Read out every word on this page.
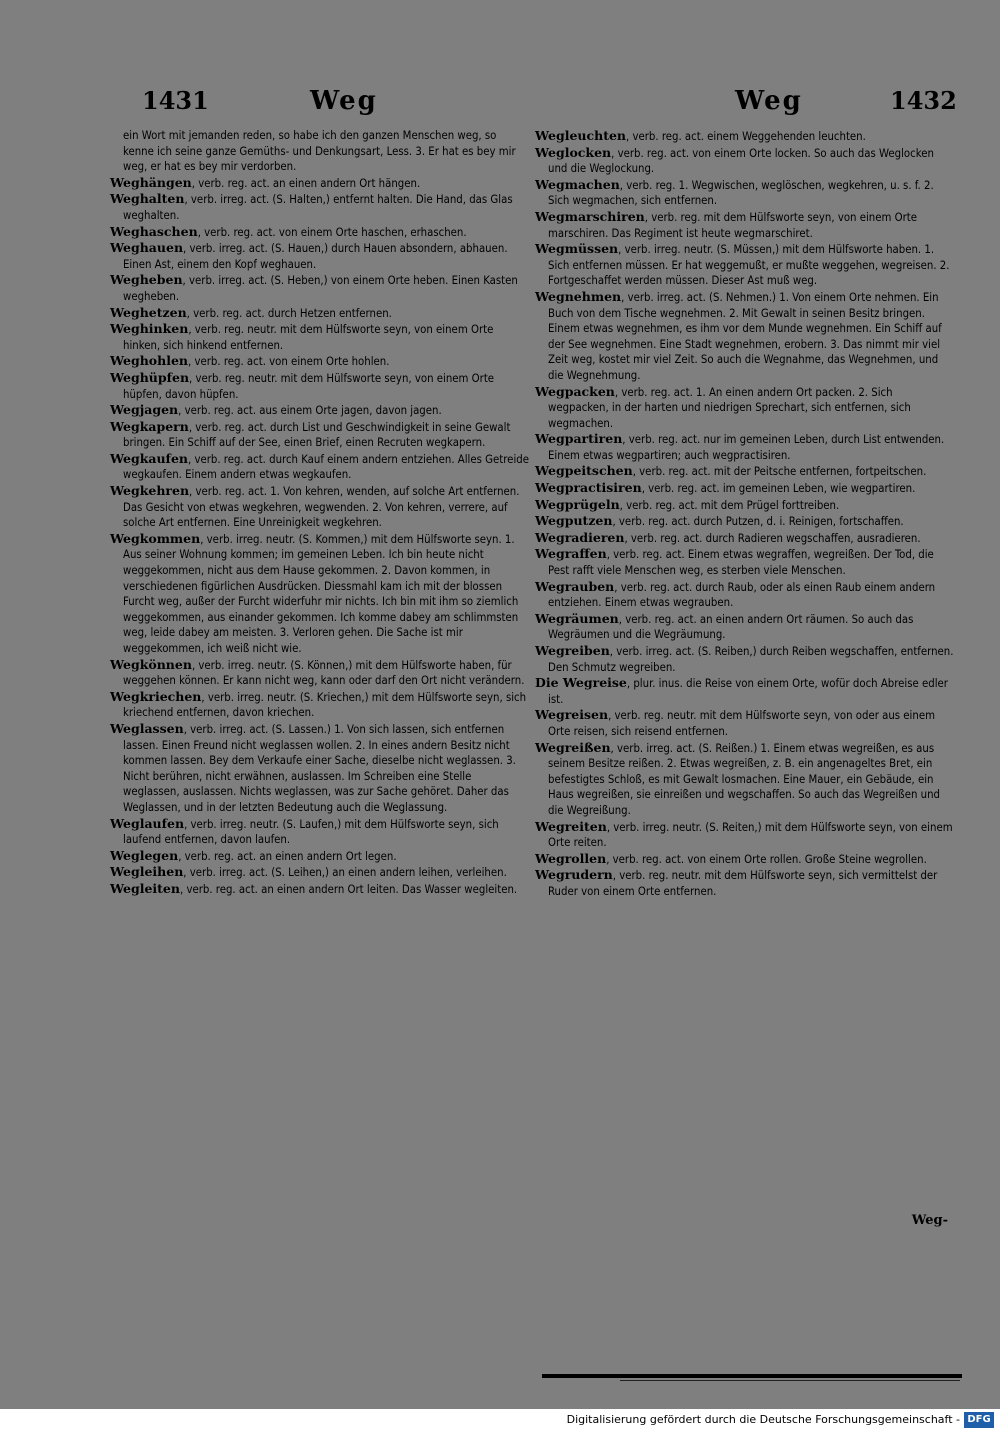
1431	Weg	Weg	1432
ein Wort mit jemanden reden, so habe ich den ganzen Menschen weg, so kenne ich seine ganze Gemüths- und Denkungsart, Less. 3. Er hat es bey mir weg, er hat es bey mir verdorben.
Weghängen, verb. reg. act. an einen andern Ort hängen.
Weghalten, verb. irreg. act. (S. Halten,) entfernt halten. Die Hand, das Glas weghalten.
Weghaschen, verb. reg. act. von einem Orte haschen, erhaschen.
Weghauen, verb. irreg. act. (S. Hauen,) durch Hauen absondern, abhauen. Einen Ast, einem den Kopf weghauen.
Wegheben, verb. irreg. act. (S. Heben,) von einem Orte heben. Einen Kasten wegheben.
Weghetzen, verb. reg. act. durch Hetzen entfernen.
Weghinken, verb. reg. neutr. mit dem Hülfsworte seyn, von einem Orte hinken, sich hinkend entfernen.
Weghohlen, verb. reg. act. von einem Orte hohlen.
Weghüpfen, verb. reg. neutr. mit dem Hülfsworte seyn, von einem Orte hüpfen, davon hüpfen.
Wegjagen, verb. reg. act. aus einem Orte jagen, davon jagen.
Wegkapern, verb. reg. act. durch List und Geschwindigkeit in seine Gewalt bringen. Ein Schiff auf der See, einen Brief, einen Recruten wegkapern.
Wegkaufen, verb. reg. act. durch Kauf einem andern entziehen. Alles Getreide wegkaufen. Einem andern etwas wegkaufen.
Wegkehren, verb. reg. act. 1. Von kehren, wenden, auf solche Art entfernen. Das Gesicht von etwas wegkehren, wegwenden. 2. Von kehren, verrere, auf solche Art entfernen. Eine Unreinigkeit wegkehren.
Wegkommen, verb. irreg. neutr. (S. Kommen,) mit dem Hülfsworte seyn. 1. Aus seiner Wohnung kommen; im gemeinen Leben. Ich bin heute nicht weggekommen, nicht aus dem Hause gekommen. 2. Davon kommen, in verschiedenen figürlichen Ausdrücken. Diessmahl kam ich mit der blossen Furcht weg, außer der Furcht widerfuhr mir nichts. Ich bin mit ihm so ziemlich weggekommen, aus einander gekommen. Ich komme dabey am schlimmsten weg, leide dabey am meisten. 3. Verloren gehen. Die Sache ist mir weggekommen, ich weiß nicht wie.
Wegkönnen, verb. irreg. neutr. (S. Können,) mit dem Hülfsworte haben, für weggehen können. Er kann nicht weg, kann oder darf den Ort nicht verändern.
Wegkriechen, verb. irreg. neutr. (S. Kriechen,) mit dem Hülfsworte seyn, sich kriechend entfernen, davon kriechen.
Weglassen, verb. irreg. act. (S. Lassen.) 1. Von sich lassen, sich entfernen lassen. Einen Freund nicht weglassen wollen. 2. In eines andern Besitz nicht kommen lassen. Bey dem Verkaufe einer Sache, dieselbe nicht weglassen. 3. Nicht berühren, nicht erwähnen, auslassen. Im Schreiben eine Stelle weglassen, auslassen. Nichts weglassen, was zur Sache gehöret. Daher das Weglassen, und in der letzten Bedeutung auch die Weglassung.
Weglaufen, verb. irreg. neutr. (S. Laufen,) mit dem Hülfsworte seyn, sich laufend entfernen, davon laufen.
Weglegen, verb. reg. act. an einen andern Ort legen.
Wegleihen, verb. irreg. act. (S. Leihen,) an einen andern leihen, verleihen.
Wegleiten, verb. reg. act. an einen andern Ort leiten. Das Wasser wegleiten.
Wegleuchten, verb. reg. act. einem Weggehenden leuchten.
Weglocken, verb. reg. act. von einem Orte locken. So auch das Weglocken und die Weglockung.
Wegmachen, verb. reg. 1. Wegwischen, weglöschen, wegkehren, u. s. f. 2. Sich wegmachen, sich entfernen.
Wegmarschiren, verb. reg. mit dem Hülfsworte seyn, von einem Orte marschiren. Das Regiment ist heute wegmarschiret.
Wegmüssen, verb. irreg. neutr. (S. Müssen,) mit dem Hülfsworte haben. 1. Sich entfernen müssen. Er hat weggemußt, er mußte weggehen, wegreisen. 2. Fortgeschaffet werden müssen. Dieser Ast muß weg.
Wegnehmen, verb. irreg. act. (S. Nehmen.) 1. Von einem Orte nehmen. Ein Buch von dem Tische wegnehmen. 2. Mit Gewalt in seinen Besitz bringen. Einem etwas wegnehmen, es ihm vor dem Munde wegnehmen. Ein Schiff auf der See wegnehmen. Eine Stadt wegnehmen, erobern. 3. Das nimmt mir viel Zeit weg, kostet mir viel Zeit. So auch die Wegnahme, das Wegnehmen, und die Wegnehmung.
Wegpacken, verb. reg. act. 1. An einen andern Ort packen. 2. Sich wegpacken, in der harten und niedrigen Sprechart, sich entfernen, sich wegmachen.
Wegpartiren, verb. reg. act. nur im gemeinen Leben, durch List entwenden. Einem etwas wegpartiren; auch wegpractisiren.
Wegpeitschen, verb. reg. act. mit der Peitsche entfernen, fortpeitschen.
Wegpractisiren, verb. reg. act. im gemeinen Leben, wie wegpartiren.
Wegprügeln, verb. reg. act. mit dem Prügel forttreiben.
Wegputzen, verb. reg. act. durch Putzen, d. i. Reinigen, fortschaffen.
Wegradieren, verb. reg. act. durch Radieren wegschaffen, ausradieren.
Wegraffen, verb. reg. act. Einem etwas wegraffen, wegreißen. Der Tod, die Pest rafft viele Menschen weg, es sterben viele Menschen.
Wegrauben, verb. reg. act. durch Raub, oder als einen Raub einem andern entziehen. Einem etwas wegrauben.
Wegräumen, verb. reg. act. an einen andern Ort räumen. So auch das Wegräumen und die Wegräumung.
Wegreiben, verb. irreg. act. (S. Reiben,) durch Reiben wegschaffen, entfernen. Den Schmutz wegreiben.
Die Wegreise, plur. inus. die Reise von einem Orte, wofür doch Abreise edler ist.
Wegreisen, verb. reg. neutr. mit dem Hülfsworte seyn, von oder aus einem Orte reisen, sich reisend entfernen.
Wegreißen, verb. irreg. act. (S. Reißen.) 1. Einem etwas wegreißen, es aus seinem Besitze reißen. 2. Etwas wegreißen, z. B. ein angenageltes Bret, ein befestigtes Schloß, es mit Gewalt losmachen. Eine Mauer, ein Gebäude, ein Haus wegreißen, sie einreißen und wegschaffen. So auch das Wegreißen und die Wegreißung.
Wegreiten, verb. irreg. neutr. (S. Reiten,) mit dem Hülfsworte seyn, von einem Orte reiten.
Wegrollen, verb. reg. act. von einem Orte rollen. Große Steine wegrollen.
Wegrudern, verb. reg. neutr. mit dem Hülfsworte seyn, sich vermittelst der Ruder von einem Orte entfernen.
Weg-
Digitalisierung gefördert durch die Deutsche Forschungsgemeinschaft - DFG
